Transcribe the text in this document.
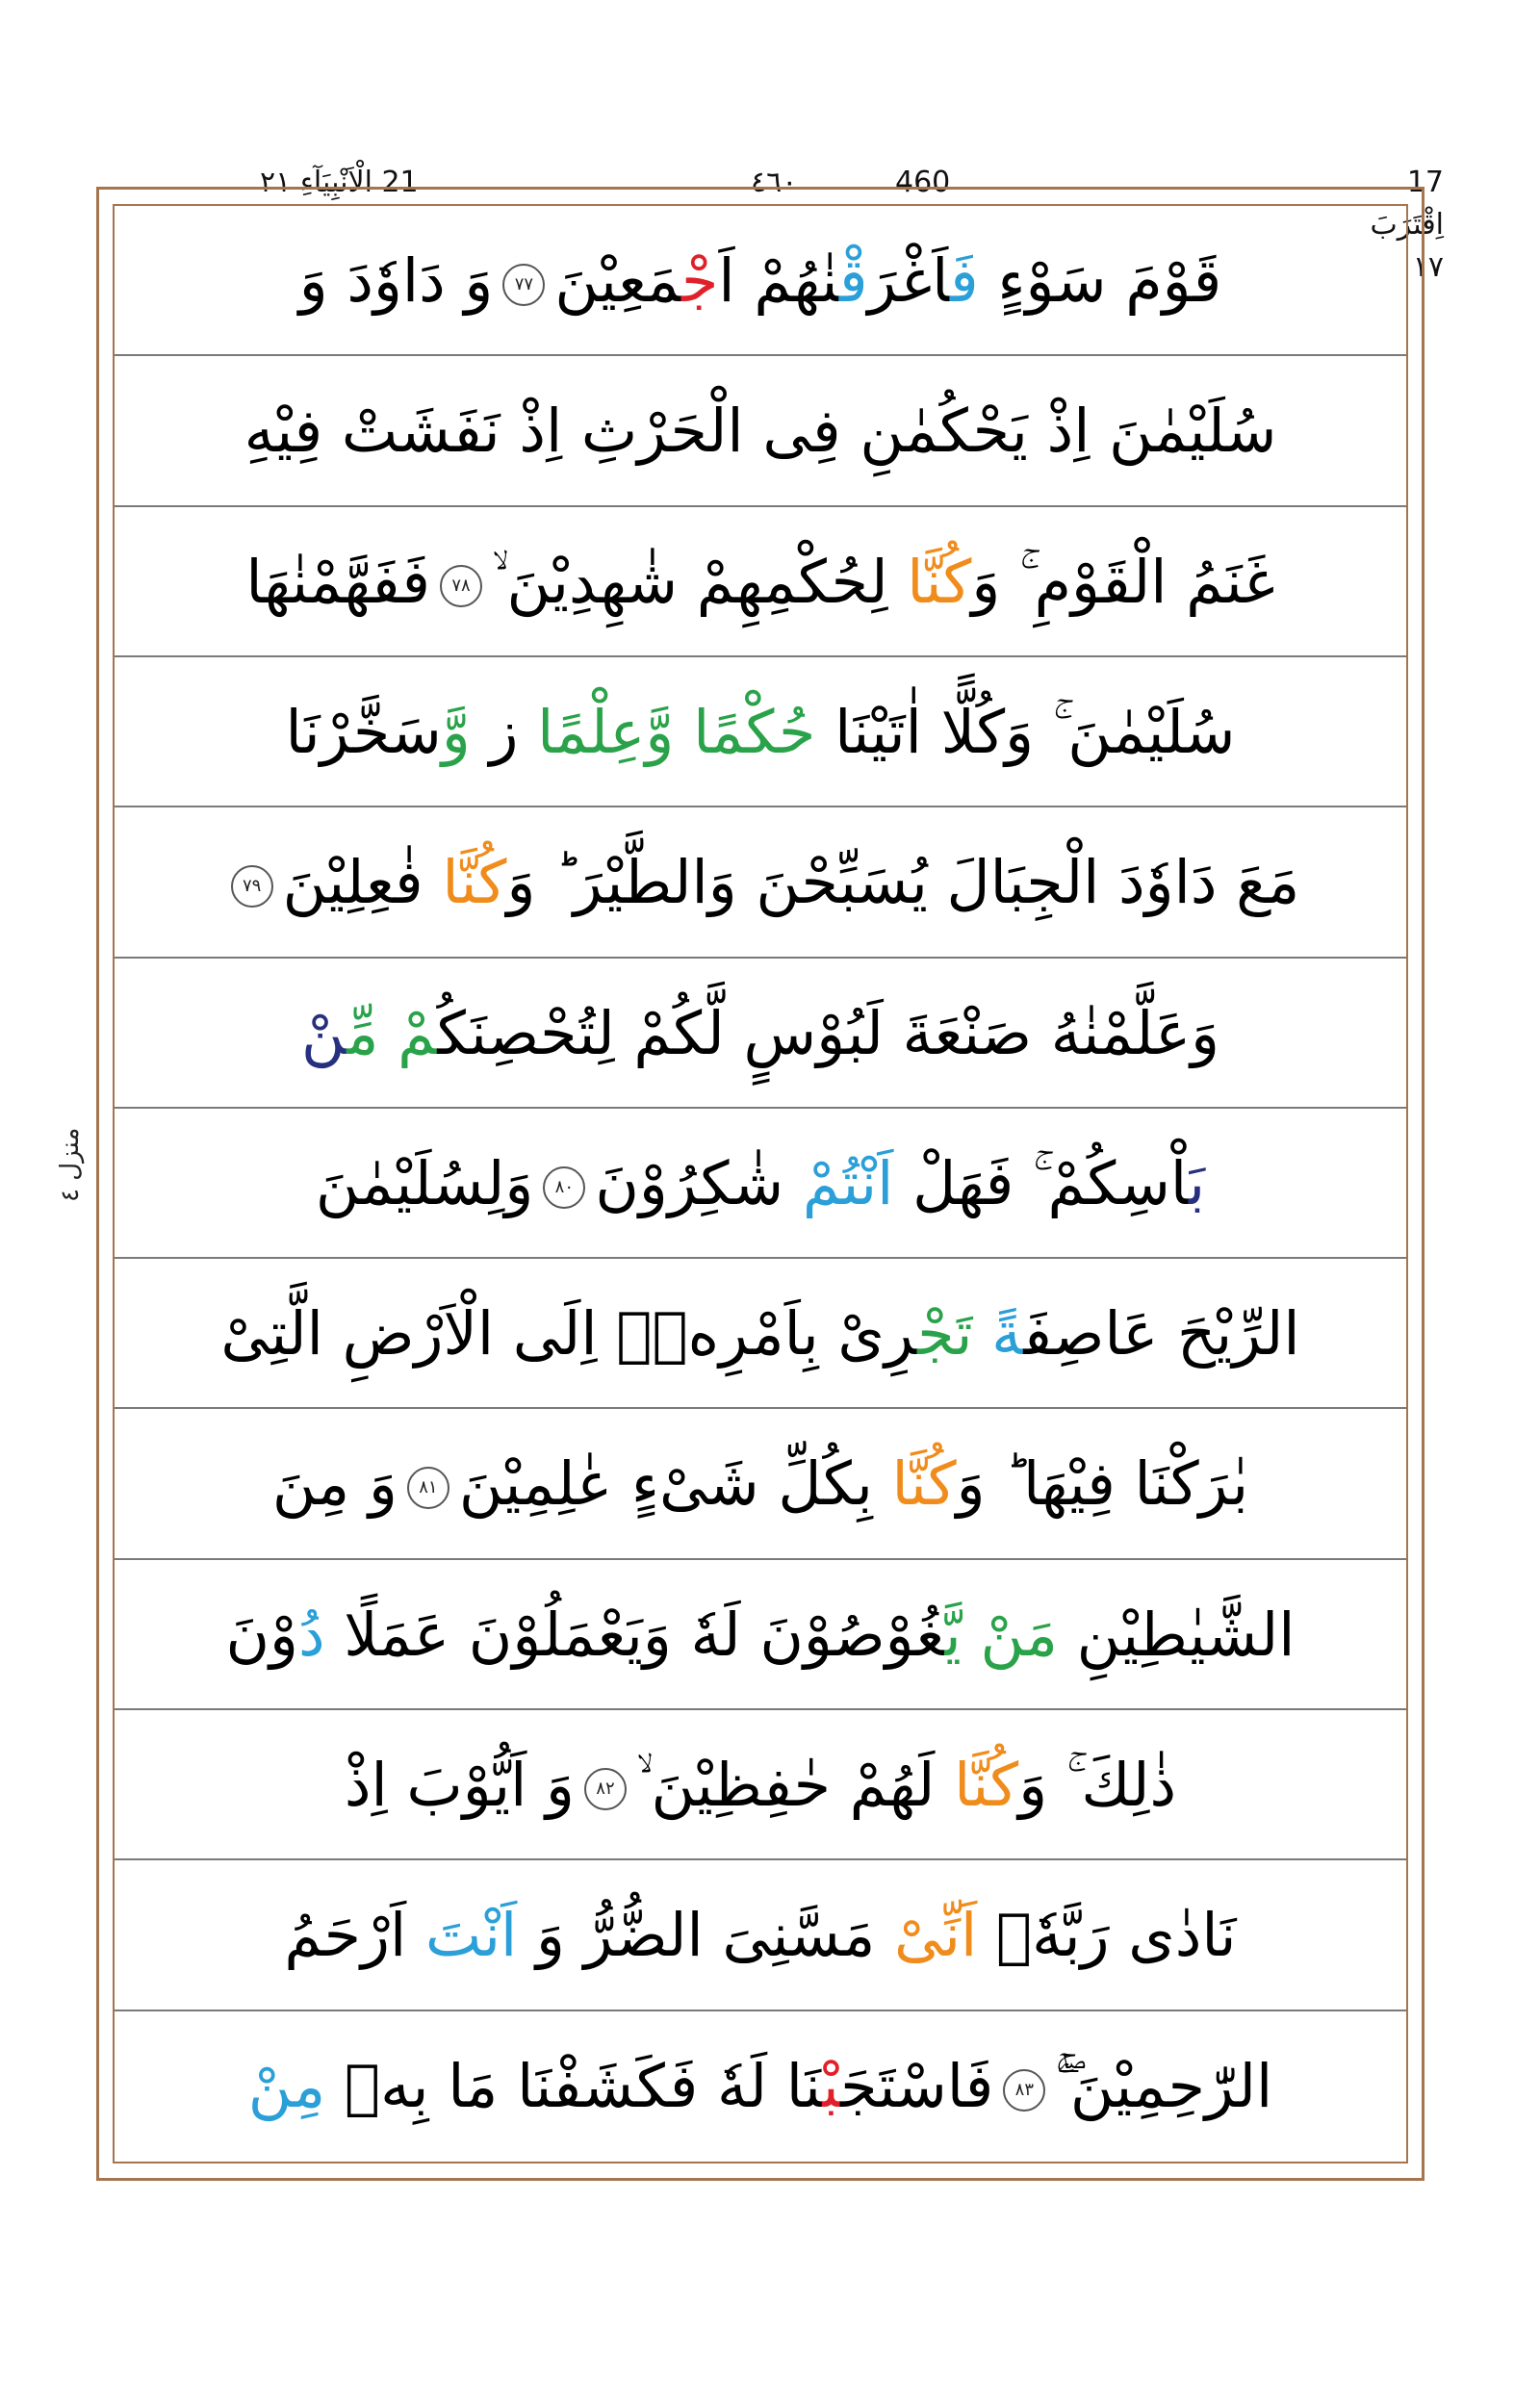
17 اِقْتَرَبَ ١٧
٤٦٠	460
21 الْاَنْبِيَآءِ ٢١
منزل ٤
قَوْمَ سَوْءٍ فَاَغْرَقْنٰهُمْ اَجْمَعِيْنَ٧٧وَ دَاوٗدَ وَ
سُلَيْمٰنَ اِذْ يَحْكُمٰنِ فِى الْحَرْثِ اِذْ نَفَشَتْ فِيْهِ
غَنَمُ الْقَوْمِ ۚ وَكُنَّا لِحُكْمِهِمْ شٰهِدِيْنَ ۙ٧٨فَفَهَّمْنٰهَا
سُلَيْمٰنَ ۚ وَكُلًّا اٰتَيْنَا حُكْمًا وَّعِلْمًا ز وَّسَخَّرْنَا
مَعَ دَاوٗدَ الْجِبَالَ يُسَبِّحْنَ وَالطَّيْرَ ؕ وَكُنَّا فٰعِلِيْنَ٧٩
وَعَلَّمْنٰهُ صَنْعَةَ لَبُوْسٍ لَّكُمْ لِتُحْصِنَكُمْ مِّنْ
بَاْسِكُمْ ۚ فَهَلْ اَنْتُمْ شٰكِرُوْنَ٨٠وَلِسُلَيْمٰنَ
الرِّيْحَ عَاصِفَةً تَجْرِىْ بِاَمْرِهٖۤ اِلَى الْاَرْضِ الَّتِىْ
بٰرَكْنَا فِيْهَا ؕ وَكُنَّا بِكُلِّ شَىْءٍ عٰلِمِيْنَ٨١وَ مِنَ
الشَّيٰطِيْنِ مَنْ يَّغُوْصُوْنَ لَهٗ وَيَعْمَلُوْنَ عَمَلًا دُوْنَ
ذٰلِكَ ۚ وَكُنَّا لَهُمْ حٰفِظِيْنَ ۙ٨٢وَ اَيُّوْبَ اِذْ
نَادٰى رَبَّهٗۤ اَنِّىْ مَسَّنِىَ الضُّرُّ وَ اَنْتَ اَرْحَمُ
الرّٰحِمِيْنَ ۚۖ٨٣فَاسْتَجَبْنَا لَهٗ فَكَشَفْنَا مَا بِهٖ مِنْ
